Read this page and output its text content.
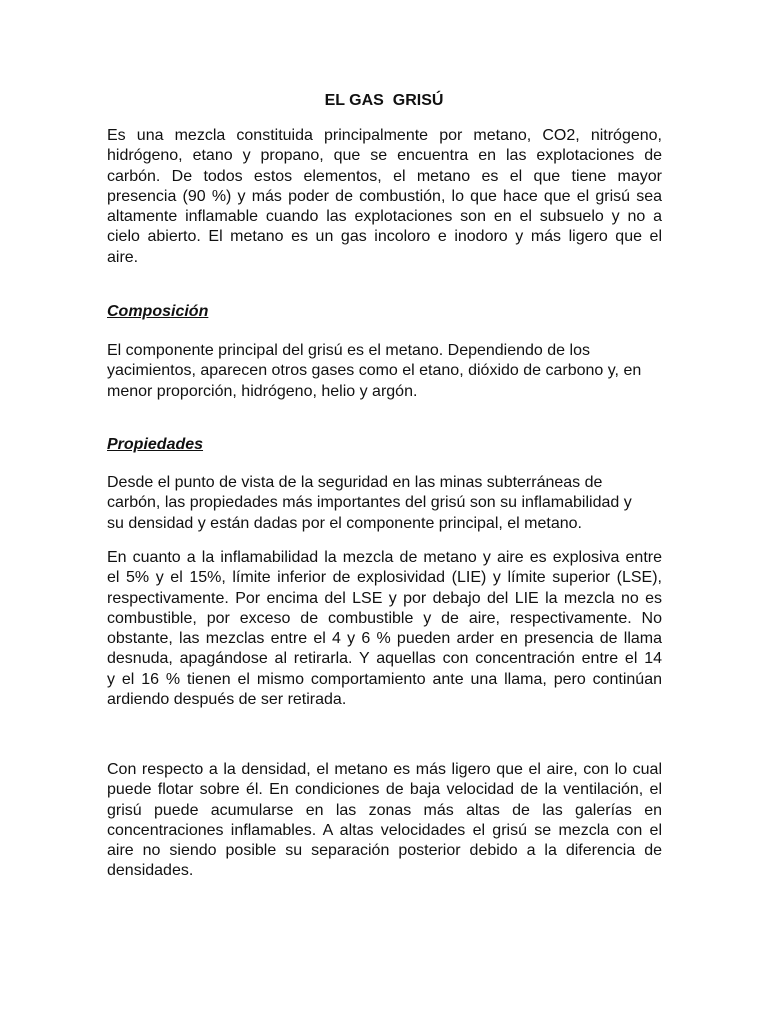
EL GAS  GRISÚ
Es una mezcla constituida principalmente por metano, CO2, nitrógeno,
hidrógeno, etano y propano, que se encuentra en las explotaciones de
carbón. De todos estos elementos, el metano es el que tiene mayor
presencia (90 %) y más poder de combustión, lo que hace que el grisú sea
altamente inflamable cuando las explotaciones son en el subsuelo y no a
cielo abierto. El metano es un gas incoloro e inodoro y más ligero que el
aire.
Composición
El componente principal del grisú es el metano. Dependiendo de los
yacimientos, aparecen otros gases como el etano, dióxido de carbono y, en
menor proporción, hidrógeno, helio y argón.
Propiedades
Desde el punto de vista de la seguridad en las minas subterráneas de
carbón, las propiedades más importantes del grisú son su inflamabilidad y
su densidad y están dadas por el componente principal, el metano.
En cuanto a la inflamabilidad la mezcla de metano y aire es explosiva entre
el 5% y el 15%, límite inferior de explosividad (LIE) y límite superior (LSE),
respectivamente. Por encima del LSE y por debajo del LIE la mezcla no es
combustible, por exceso de combustible y de aire, respectivamente. No
obstante, las mezclas entre el 4 y 6 % pueden arder en presencia de llama
desnuda, apagándose al retirarla. Y aquellas con concentración entre el 14
y el 16 % tienen el mismo comportamiento ante una llama, pero continúan
ardiendo después de ser retirada.
Con respecto a la densidad, el metano es más ligero que el aire, con lo cual
puede flotar sobre él. En condiciones de baja velocidad de la ventilación, el
grisú puede acumularse en las zonas más altas de las galerías en
concentraciones inflamables. A altas velocidades el grisú se mezcla con el
aire no siendo posible su separación posterior debido a la diferencia de
densidades.
